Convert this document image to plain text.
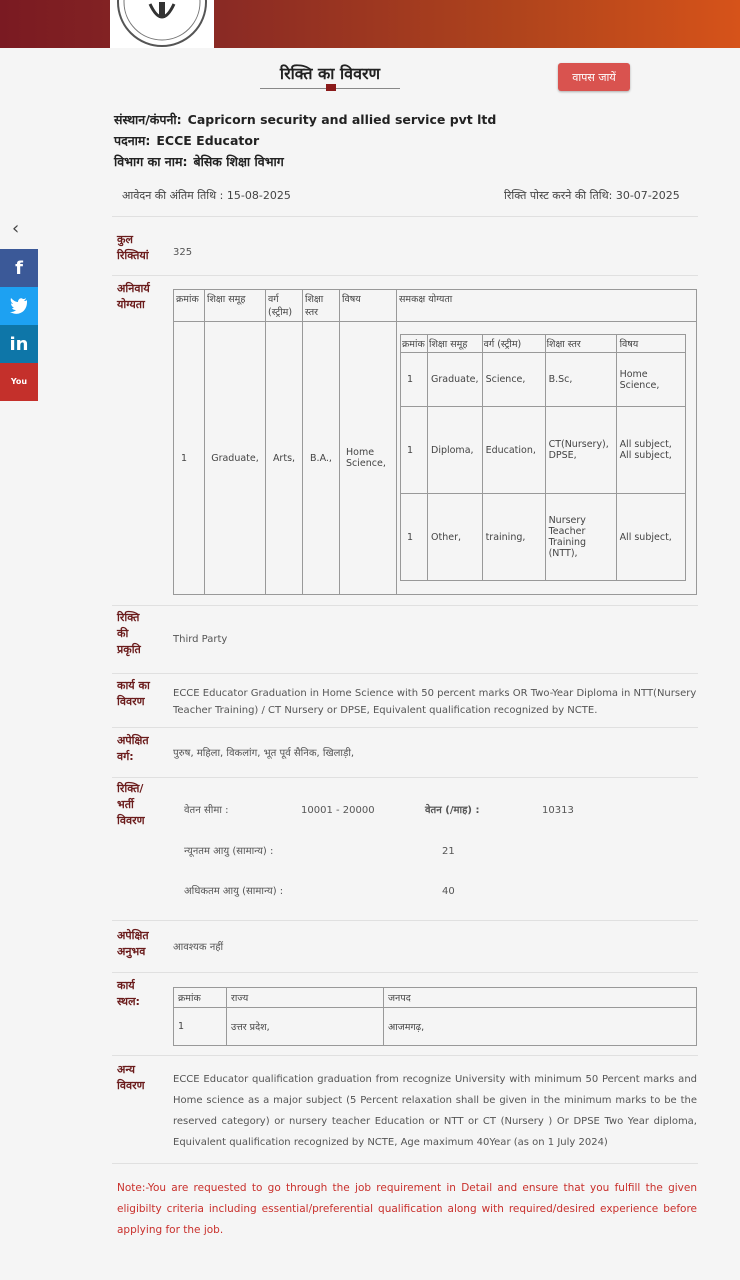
‹
f
in
You
रिक्ति का विवरण	वापस जायें
संस्थान/कंपनी: Capricorn security and allied service pvt ltd
पदनाम: ECCE Educator
विभाग का नाम: बेसिक शिक्षा विभाग
आवेदन की अंतिम तिथि : 15-08-2025	रिक्ति पोस्ट करने की तिथि: 30-07-2025
कुल रिक्तियां	325
अनिवार्य योग्यता	क्रमांक	शिक्षा समूह	वर्ग (स्ट्रीम)	शिक्षा स्तर	विषय	समकक्ष योग्यता
1	Graduate,	Arts,	B.A.,	Home Science,	
क्रमांक	शिक्षा समूह	वर्ग (स्ट्रीम)	शिक्षा स्तर	विषय
1	Graduate,	Science,	B.Sc,	Home Science,
1	Diploma,	Education,	CT(Nursery), DPSE,	All subject, All subject,
1	Other,	training,	Nursery Teacher Training (NTT),	All subject,
रिक्ति की प्रकृति
Third Party
कार्य का विवरण
ECCE Educator Graduation in Home Science with 50 percent marks OR Two-Year Diploma in NTT(Nursery Teacher Training) / CT Nursery or DPSE, Equivalent qualification recognized by NCTE.
अपेक्षित वर्ग:	पुरुष, महिला, विकलांग, भूत पूर्व सैनिक, खिलाड़ी,
रिक्ति/ भर्ती विवरण
वेतन सीमा :	10001 - 20000	वेतन (/माह) :	10313
न्यूनतम आयु (सामान्य) :	21
अधिकतम आयु (सामान्य) :	40
अपेक्षित अनुभव	आवश्यक नहीं
कार्य स्थल:	क्रमांक	राज्य	जनपद
1	उत्तर प्रदेश,	आजमगढ़,
अन्य विवरण	ECCE Educator qualification graduation from recognize University with minimum 50 Percent marks and Home science as a major subject (5 Percent relaxation shall be given in the minimum marks to be the reserved category) or nursery teacher Education or NTT or CT (Nursery ) Or DPSE Two Year diploma, Equivalent qualification recognized by NCTE, Age maximum 40Year (as on 1 July 2024)
Note:-You are requested to go through the job requirement in Detail and ensure that you fulfill the given eligibilty criteria including essential/preferential qualification along with required/desired experience before applying for the job.
